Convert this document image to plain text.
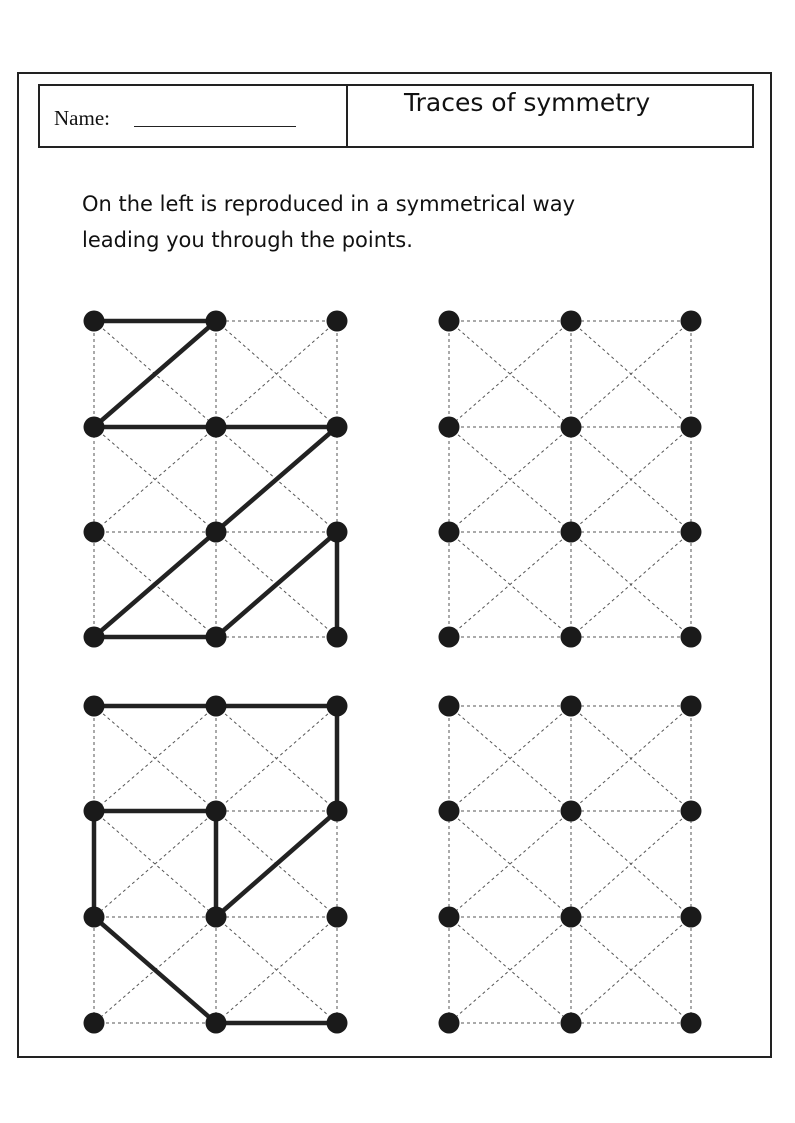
Name:
Traces of symmetry

On the left is reproduced in a symmetrical way

leading you through the points.
